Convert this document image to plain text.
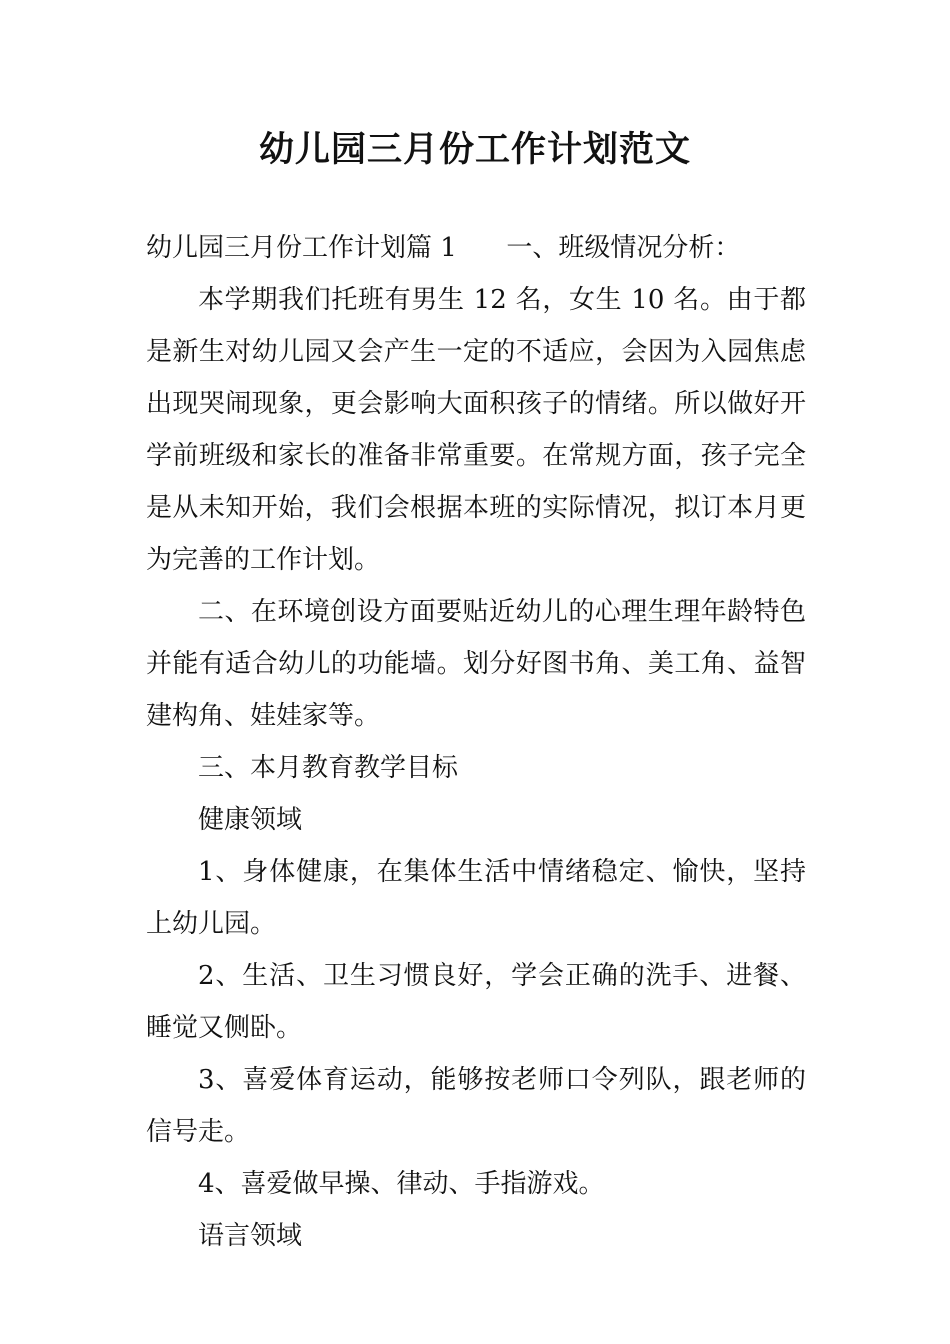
幼儿园三月份工作计划范文

幼儿园三月份工作计划篇 1 一、班级情况分析：

本学期我们托班有男生 12 名，女生 10 名。由于都是新生对幼儿园又会产生一定的不适应，会因为入园焦虑出现哭闹现象，更会影响大面积孩子的情绪。所以做好开学前班级和家长的准备非常重要。在常规方面，孩子完全是从未知开始，我们会根据本班的实际情况，拟订本月更为完善的工作计划。

二、在环境创设方面要贴近幼儿的心理生理年龄特色并能有适合幼儿的功能墙。划分好图书角、美工角、益智建构角、娃娃家等。

三、本月教育教学目标

健康领域

1、身体健康，在集体生活中情绪稳定、愉快，坚持上幼儿园。

2、生活、卫生习惯良好，学会正确的洗手、进餐、睡觉又侧卧。

3、喜爱体育运动，能够按老师口令列队，跟老师的信号走。

4、喜爱做早操、律动、手指游戏。

语言领域
